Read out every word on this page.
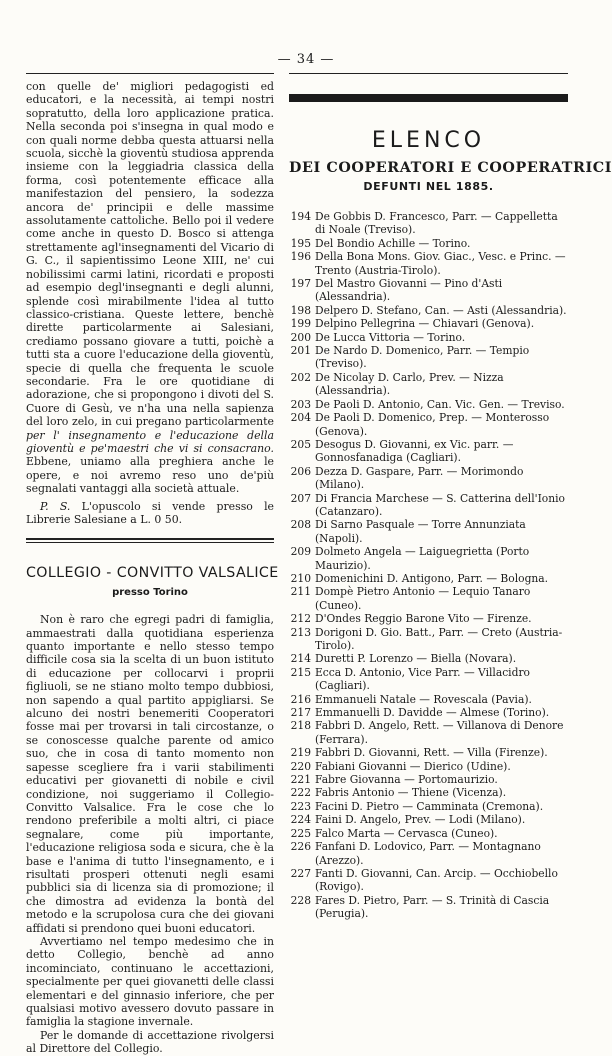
— 34 —

con quelle de' migliori pedagogisti ed educatori, e la necessità, ai tempi nostri sopratutto, della loro applicazione pratica. Nella seconda poi s'insegna in qual modo e con quali norme debba questa attuarsi nella scuola, sicchè la gioventù studiosa apprenda insieme con la leggiadria classica della forma, così potentemente efficace alla manifestazion del pensiero, la sodezza ancora de' principii e delle massime assolutamente cattoliche. Bello poi il vedere come anche in questo D. Bosco si attenga strettamente agl'insegnamenti del Vicario di G. C., il sapientissimo Leone XIII, ne' cui nobilissimi carmi latini, ricordati e proposti ad esempio degl'insegnanti e degli alunni, splende così mirabilmente l'idea al tutto classico-cristiana. Queste lettere, benchè dirette particolarmente ai Salesiani, crediamo possano giovare a tutti, poichè a tutti sta a cuore l'educazione della gioventù, specie di quella che frequenta le scuole secondarie. Fra le ore quotidiane di adorazione, che si propongono i divoti del S. Cuore di Gesù, ve n'ha una nella sapienza del loro zelo, in cui pregano particolarmente per l' insegnamento e l'educazione della gioventù e pe'maestri che vi si consacrano. Ebbene, uniamo alla preghiera anche le opere, e noi avremo reso uno de'più segnalati vantaggi alla società attuale.

P. S. L'opuscolo si vende presso le Librerie Salesiane a L. 0 50.

COLLEGIO - CONVITTO VALSALICE
presso Torino

Non è raro che egregi padri di famiglia, ammaestrati dalla quotidiana esperienza quanto importante e nello stesso tempo difficile cosa sia la scelta di un buon istituto di educazione per collocarvi i proprii figliuoli, se ne stiano molto tempo dubbiosi, non sapendo a qual partito appigliarsi. Se alcuno dei nostri benemeriti Cooperatori fosse mai per trovarsi in tali circostanze, o se conoscesse qualche parente od amico suo, che in cosa di tanto momento non sapesse scegliere fra i varii stabilimenti educativi per giovanetti di nobile e civil condizione, noi suggeriamo il Collegio-Convitto Valsalice. Fra le cose che lo rendono preferibile a molti altri, ci piace segnalare, come più importante, l'educazione religiosa soda e sicura, che è la base e l'anima di tutto l'insegnamento, e i risultati prosperi ottenuti negli esami pubblici sia di licenza sia di promozione; il che dimostra ad evidenza la bontà del metodo e la scrupolosa cura che dei giovani affidati si prendono quei buoni educatori.

Avvertiamo nel tempo medesimo che in detto Collegio, benchè ad anno incominciato, continuano le accettazioni, specialmente per quei giovanetti delle classi elementari e del ginnasio inferiore, che per qualsiasi motivo avessero dovuto passare in famiglia la stagione invernale.

Per le domande di accettazione rivolgersi al Direttore del Collegio.

ELENCO
DEI COOPERATORI E COOPERATRICI
DEFUNTI NEL 1885.
194 De Gobbis D. Francesco, Parr. — Cappelletta di Noale (Treviso).
195 Del Bondio Achille — Torino.
196 Della Bona Mons. Giov. Giac., Vesc. e Princ. — Trento (Austria-Tirolo).
197 Del Mastro Giovanni — Pino d'Asti (Alessandria).
198 Delpero D. Stefano, Can. — Asti (Alessandria).
199 Delpino Pellegrina — Chiavari (Genova).
200 De Lucca Vittoria — Torino.
201 De Nardo D. Domenico, Parr. — Tempio (Treviso).
202 De Nicolay D. Carlo, Prev. — Nizza (Alessandria).
203 De Paoli D. Antonio, Can. Vic. Gen. — Treviso.
204 De Paoli D. Domenico, Prep. — Monterosso (Genova).
205 Desogus D. Giovanni, ex Vic. parr. — Gonnosfanadiga (Cagliari).
206 Dezza D. Gaspare, Parr. — Morimondo (Milano).
207 Di Francia Marchese — S. Catterina dell'Ionio (Catanzaro).
208 Di Sarno Pasquale — Torre Annunziata (Napoli).
209 Dolmeto Angela — Laiguegrietta (Porto Maurizio).
210 Domenichini D. Antigono, Parr. — Bologna.
211 Dompè Pietro Antonio — Lequio Tanaro (Cuneo).
212 D'Ondes Reggio Barone Vito — Firenze.
213 Dorigoni D. Gio. Batt., Parr. — Creto (Austria-Tirolo).
214 Duretti P. Lorenzo — Biella (Novara).
215 Ecca D. Antonio, Vice Parr. — Villacidro (Cagliari).
216 Emmanueli Natale — Rovescala (Pavia).
217 Emmanuelli D. Davidde — Almese (Torino).
218 Fabbri D. Angelo, Rett. — Villanova di Denore (Ferrara).
219 Fabbri D. Giovanni, Rett. — Villa (Firenze).
220 Fabiani Giovanni — Dierico (Udine).
221 Fabre Giovanna — Portomaurizio.
222 Fabris Antonio — Thiene (Vicenza).
223 Facini D. Pietro — Camminata (Cremona).
224 Faini D. Angelo, Prev. — Lodi (Milano).
225 Falco Marta — Cervasca (Cuneo).
226 Fanfani D. Lodovico, Parr. — Montagnano (Arezzo).
227 Fanti D. Giovanni, Can. Arcip. — Occhiobello (Rovigo).
228 Fares D. Pietro, Parr. — S. Trinità di Cascia (Perugia).
